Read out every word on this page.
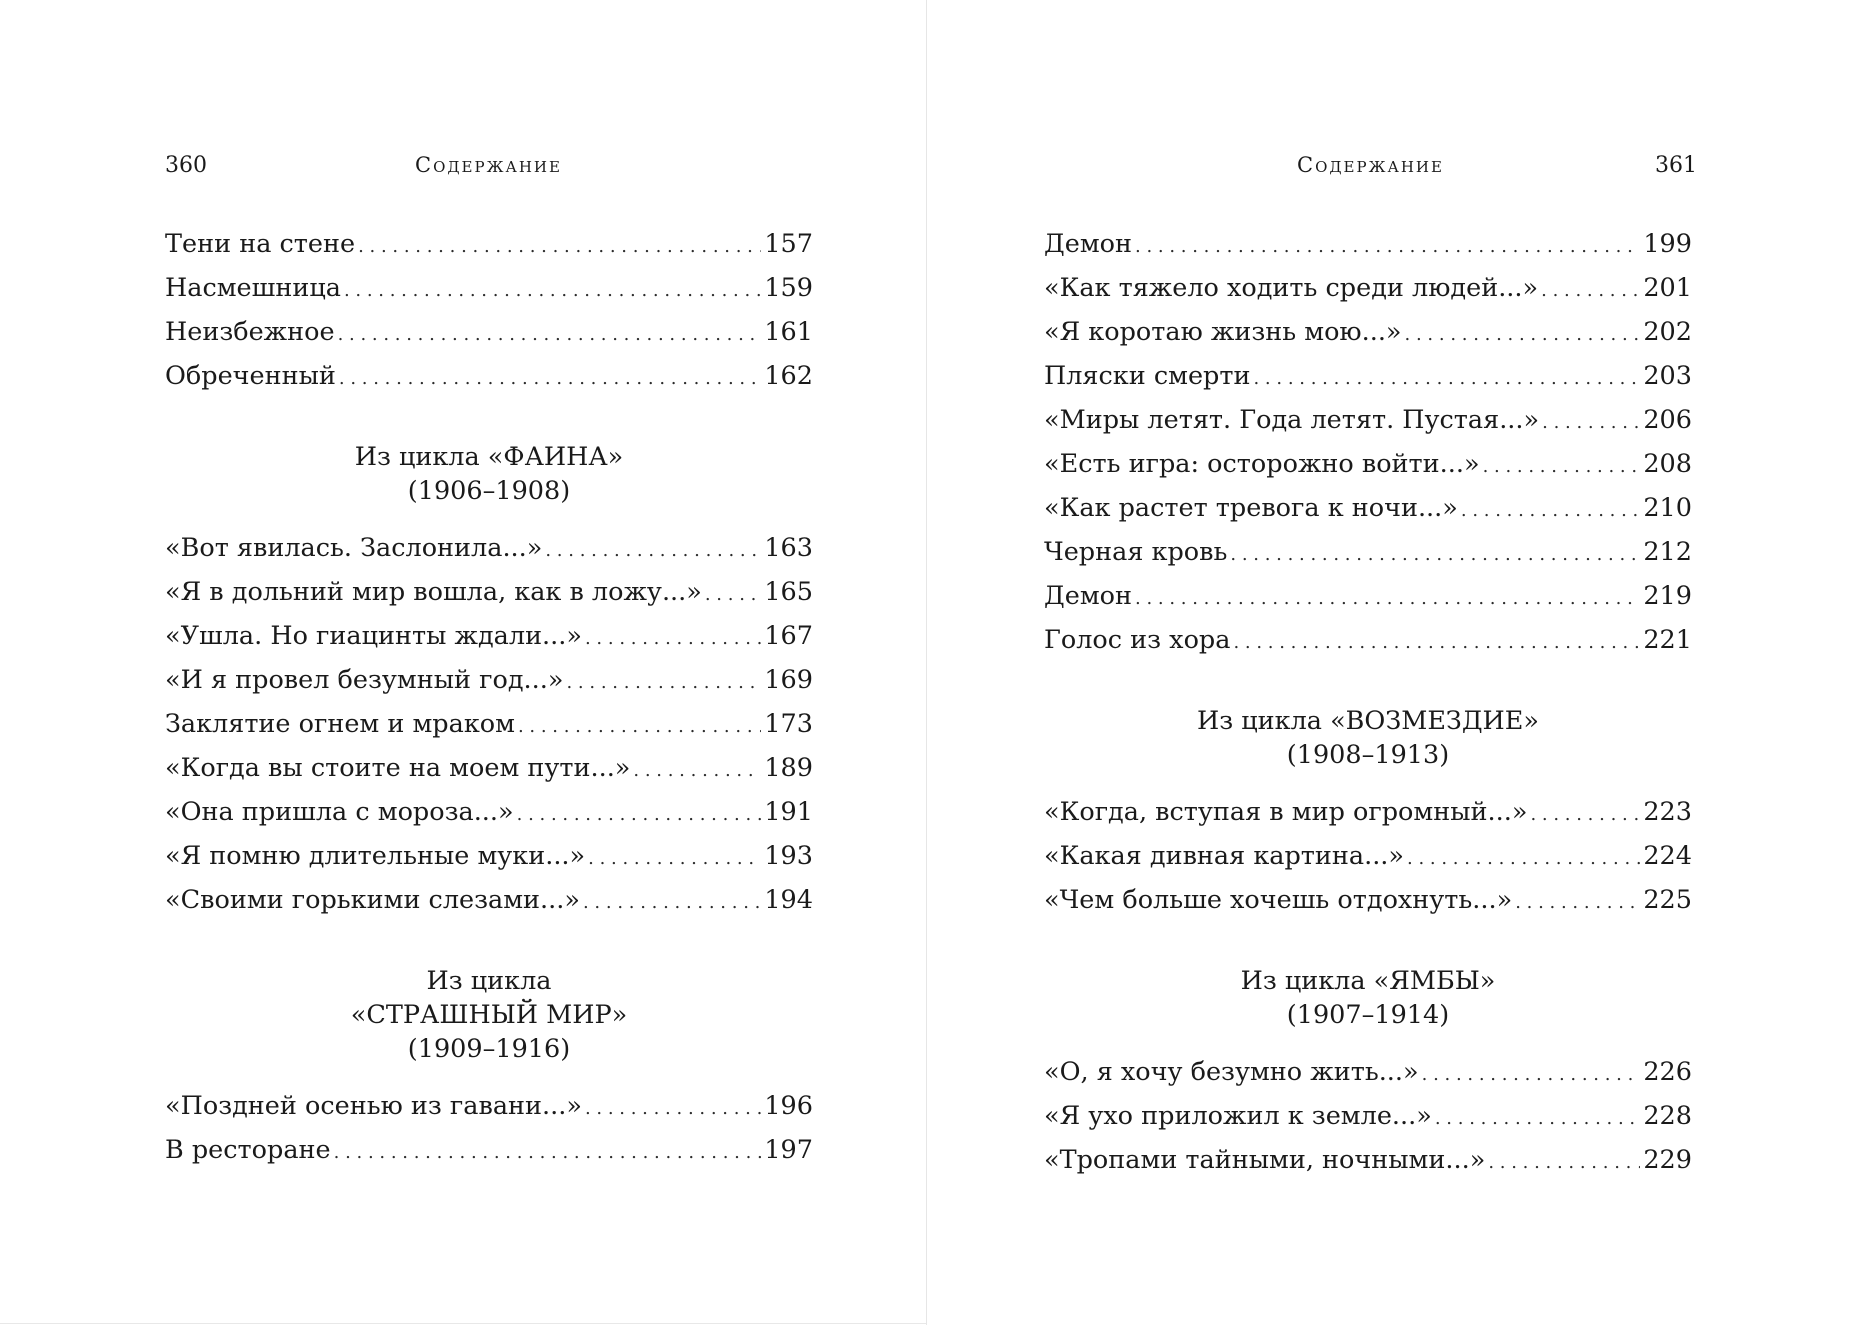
360	Содержание
Тени на стене . . .	157
Насмешница . . .	159
Неизбежное . . .	161
Обреченный . . .	162
Из цикла «ФАИНА»
(1906–1908)
«Вот явилась. Заслонила...» . . .	163
«Я в дольний мир вошла, как в ложу...» . . . 165
«Ушла. Но гиацинты ждали...» . . .	167
«И я провел безумный год...» . . .	169
Заклятие огнем и мраком . . .	173
«Когда вы стоите на моем пути...» . . .	189
«Она пришла с мороза...» . . .	191
«Я помню длительные муки...» . . .	193
«Своими горькими слезами...» . . .	194
Из цикла
«СТРАШНЫЙ МИР»
(1909–1916)
«Поздней осенью из гавани...» . . .	196
В ресторане . . .	197
Содержание	361
Демон . . .	199
«Как тяжело ходить среди людей...» . . .	201
«Я коротаю жизнь мою...» . . .	202
Пляски смерти . . .	203
«Миры летят. Года летят. Пустая...» . . .	206
«Есть игра: осторожно войти...» . . .	208
«Как растет тревога к ночи...» . . .	210
Черная кровь . . .	212
Демон . . .	219
Голос из хора . . .	221
Из цикла «ВОЗМЕЗДИЕ»
(1908–1913)
«Когда, вступая в мир огромный...» . . .	223
«Какая дивная картина...» . . .	224
«Чем больше хочешь отдохнуть...» . . .	225
Из цикла «ЯМБЫ»
(1907–1914)
«О, я хочу безумно жить...» . . .	226
«Я ухо приложил к земле...» . . .	228
«Тропами тайными, ночными...» . . .	229
